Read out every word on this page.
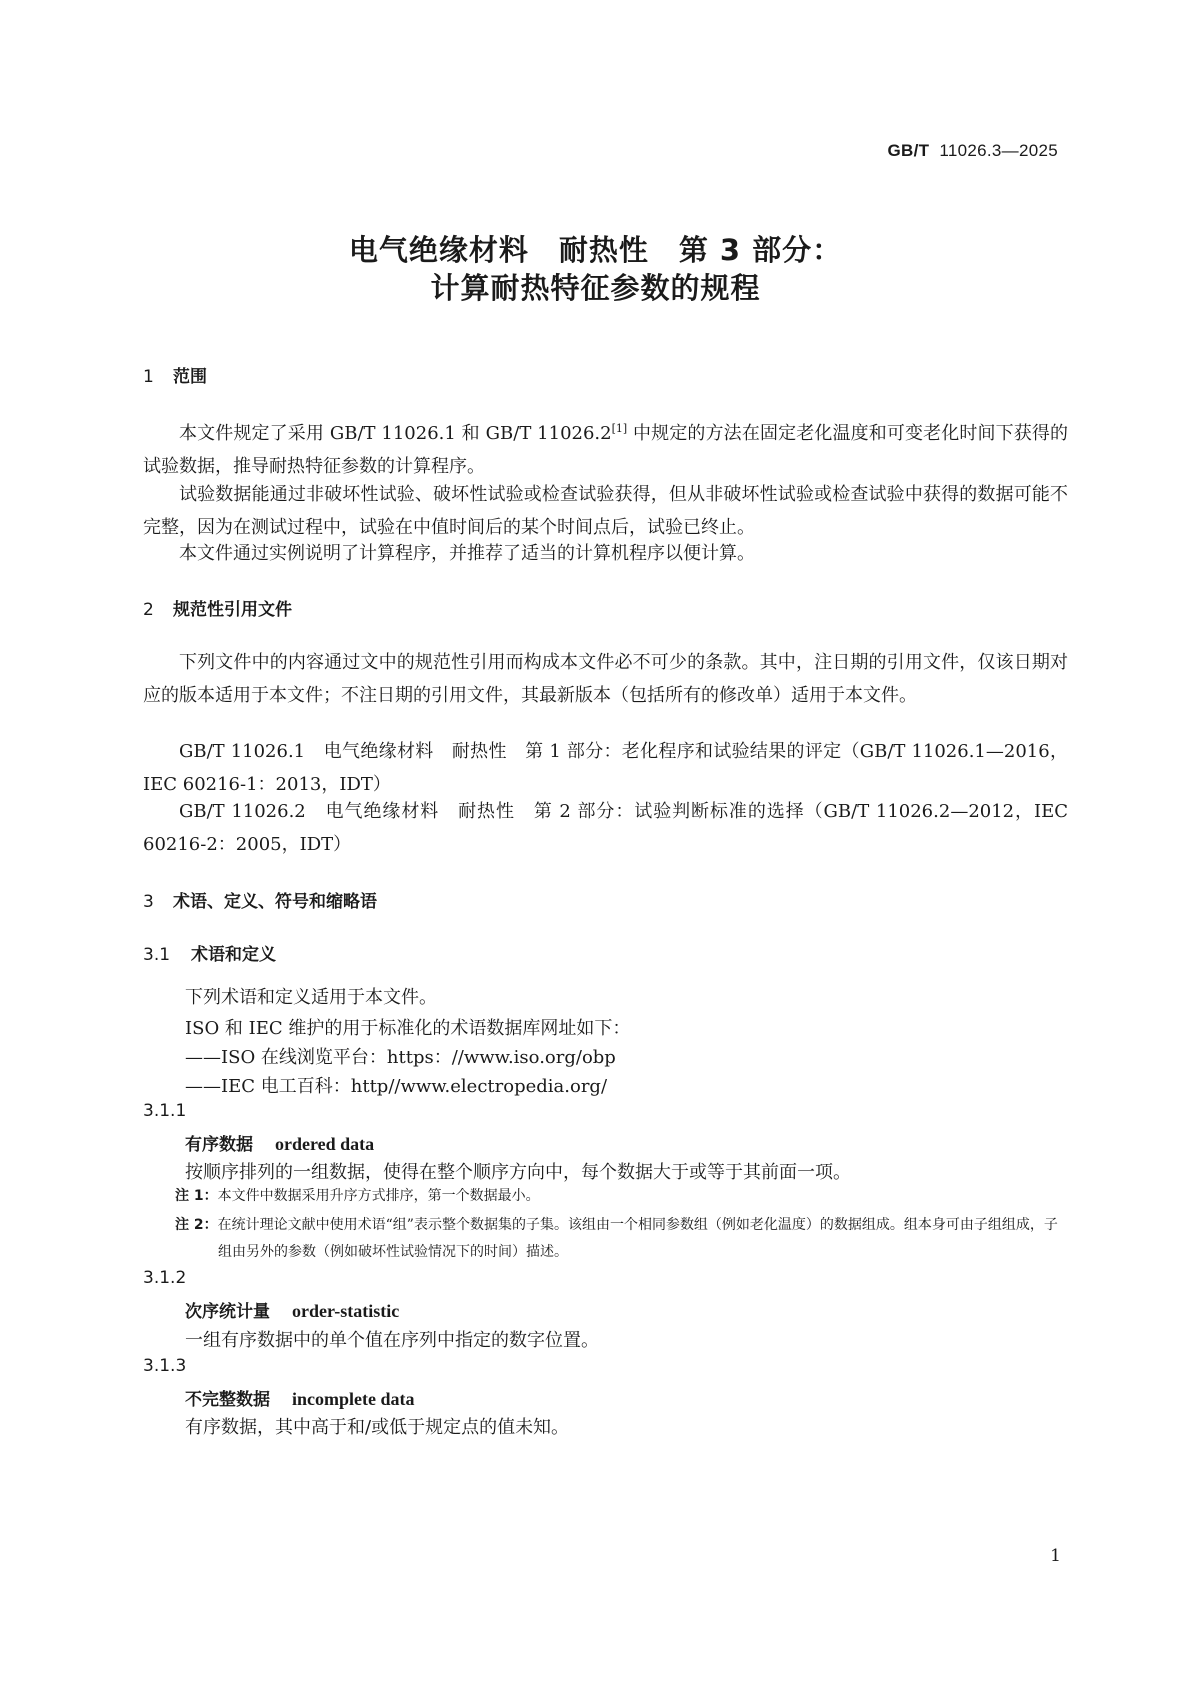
GB/T 11026.3—2025
电气绝缘材料　耐热性　第 3 部分：
计算耐热特征参数的规程
1 范围

本文件规定了采用 GB/T 11026.1 和 GB/T 11026.2[1] 中规定的方法在固定老化温度和可变老化时间下获得的试验数据，推导耐热特征参数的计算程序。

试验数据能通过非破坏性试验、破坏性试验或检查试验获得，但从非破坏性试验或检查试验中获得的数据可能不完整，因为在测试过程中，试验在中值时间后的某个时间点后，试验已终止。

本文件通过实例说明了计算程序，并推荐了适当的计算机程序以便计算。

2 规范性引用文件

下列文件中的内容通过文中的规范性引用而构成本文件必不可少的条款。其中，注日期的引用文件，仅该日期对应的版本适用于本文件；不注日期的引用文件，其最新版本（包括所有的修改单）适用于本文件。

GB/T 11026.1　电气绝缘材料　耐热性　第 1 部分：老化程序和试验结果的评定（GB/T 11026.1—2016，IEC 60216-1：2013，IDT）

GB/T 11026.2　电气绝缘材料　耐热性　第 2 部分：试验判断标准的选择（GB/T 11026.2—2012，IEC 60216-2：2005，IDT）

3 术语、定义、符号和缩略语
3.1 术语和定义
下列术语和定义适用于本文件。
ISO 和 IEC 维护的用于标准化的术语数据库网址如下：
——ISO 在线浏览平台：https：//www.iso.org/obp
——IEC 电工百科：http//www.electropedia.org/
3.1.1
有序数据 ordered data
按顺序排列的一组数据，使得在整个顺序方向中，每个数据大于或等于其前面一项。

注 1：本文件中数据采用升序方式排序，第一个数据最小。

注 2：在统计理论文献中使用术语“组”表示整个数据集的子集。该组由一个相同参数组（例如老化温度）的数据组成。组本身可由子组组成，子组由另外的参数（例如破坏性试验情况下的时间）描述。

3.1.2
次序统计量 order-statistic
一组有序数据中的单个值在序列中指定的数字位置。
3.1.3
不完整数据 incomplete data
有序数据，其中高于和/或低于规定点的值未知。
1
